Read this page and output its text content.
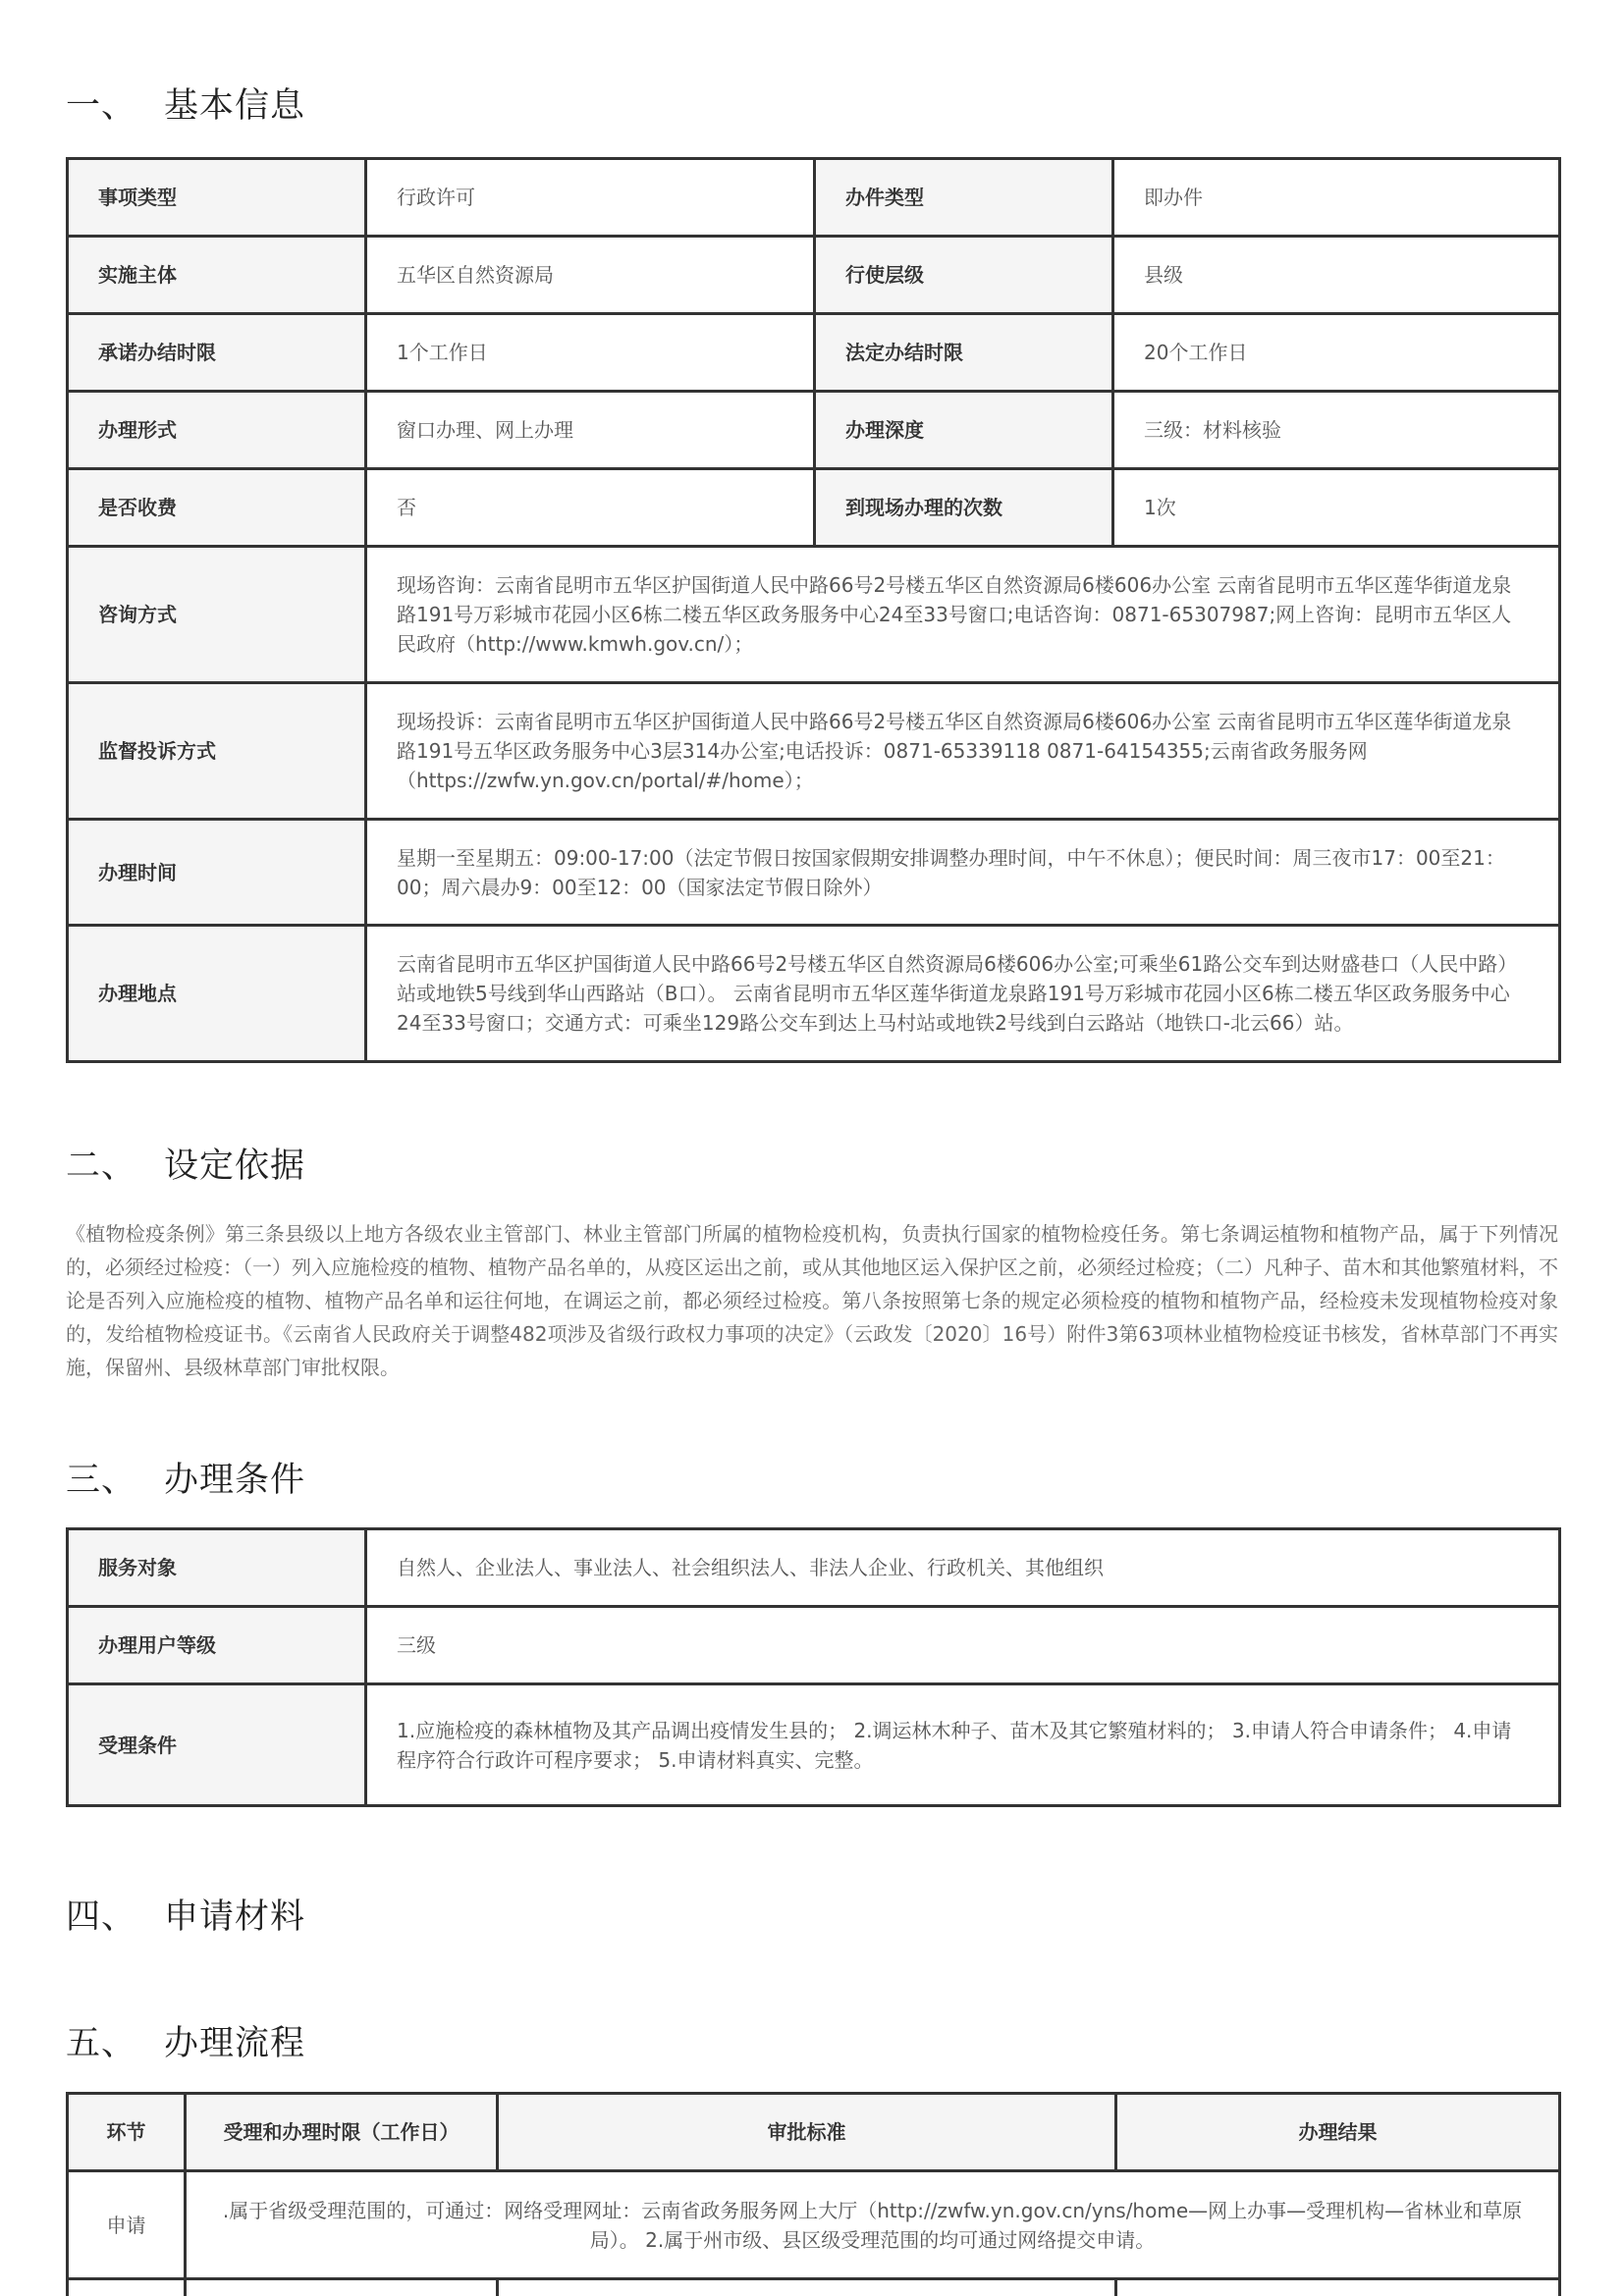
一、 基本信息
事项类型	行政许可	办件类型	即办件
实施主体	五华区自然资源局	行使层级	县级
承诺办结时限	1个工作日	法定办结时限	20个工作日
办理形式	窗口办理、网上办理	办理深度	三级：材料核验
是否收费	否	到现场办理的次数	1次
咨询方式	现场咨询：云南省昆明市五华区护国街道人民中路66号2号楼五华区自然资源局6楼606办公室 云南省昆明市五华区莲华街道龙泉路191号万彩城市花园小区6栋二楼五华区政务服务中心24至33号窗口;电话咨询：0871-65307987;网上咨询：昆明市五华区人民政府（http://www.kmwh.gov.cn/）；		
监督投诉方式	现场投诉：云南省昆明市五华区护国街道人民中路66号2号楼五华区自然资源局6楼606办公室 云南省昆明市五华区莲华街道龙泉路191号五华区政务服务中心3层314办公室;电话投诉：0871-65339118 0871-64154355;云南省政务服务网（https://zwfw.yn.gov.cn/portal/#/home）；		
办理时间	星期一至星期五：09:00-17:00（法定节假日按国家假期安排调整办理时间，中午不休息）；便民时间：周三夜市17：00至21：00；周六晨办9：00至12：00（国家法定节假日除外）		
办理地点	云南省昆明市五华区护国街道人民中路66号2号楼五华区自然资源局6楼606办公室;可乘坐61路公交车到达财盛巷口（人民中路）站或地铁5号线到华山西路站（B口）。 云南省昆明市五华区莲华街道龙泉路191号万彩城市花园小区6栋二楼五华区政务服务中心24至33号窗口；交通方式：可乘坐129路公交车到达上马村站或地铁2号线到白云路站（地铁口-北云66）站。		
二、 设定依据

《植物检疫条例》第三条县级以上地方各级农业主管部门、林业主管部门所属的植物检疫机构，负责执行国家的植物检疫任务。第七条调运植物和植物产品，属于下列情况的，必须经过检疫：（一）列入应施检疫的植物、植物产品名单的，从疫区运出之前，或从其他地区运入保护区之前，必须经过检疫；（二）凡种子、苗木和其他繁殖材料，不论是否列入应施检疫的植物、植物产品名单和运往何地，在调运之前，都必须经过检疫。第八条按照第七条的规定必须检疫的植物和植物产品，经检疫未发现植物检疫对象的，发给植物检疫证书。《云南省人民政府关于调整482项涉及省级行政权力事项的决定》（云政发〔2020〕16号）附件3第63项林业植物检疫证书核发，省林草部门不再实施，保留州、县级林草部门审批权限。

三、 办理条件
服务对象	自然人、企业法人、事业法人、社会组织法人、非法人企业、行政机关、其他组织
办理用户等级	三级
受理条件	1.应施检疫的森林植物及其产品调出疫情发生县的； 2.调运林木种子、苗木及其它繁殖材料的； 3.申请人符合申请条件； 4.申请程序符合行政许可程序要求； 5.申请材料真实、完整。
四、 申请材料
五、 办理流程
环节	受理和办理时限（工作日）	审批标准	办理结果
申请	.属于省级受理范围的，可通过：网络受理网址：云南省政务服务网上大厅（http://zwfw.yn.gov.cn/yns/home—网上办事—受理机构—省林业和草原局）。 2.属于州市级、县区级受理范围的均可通过网络提交申请。		
